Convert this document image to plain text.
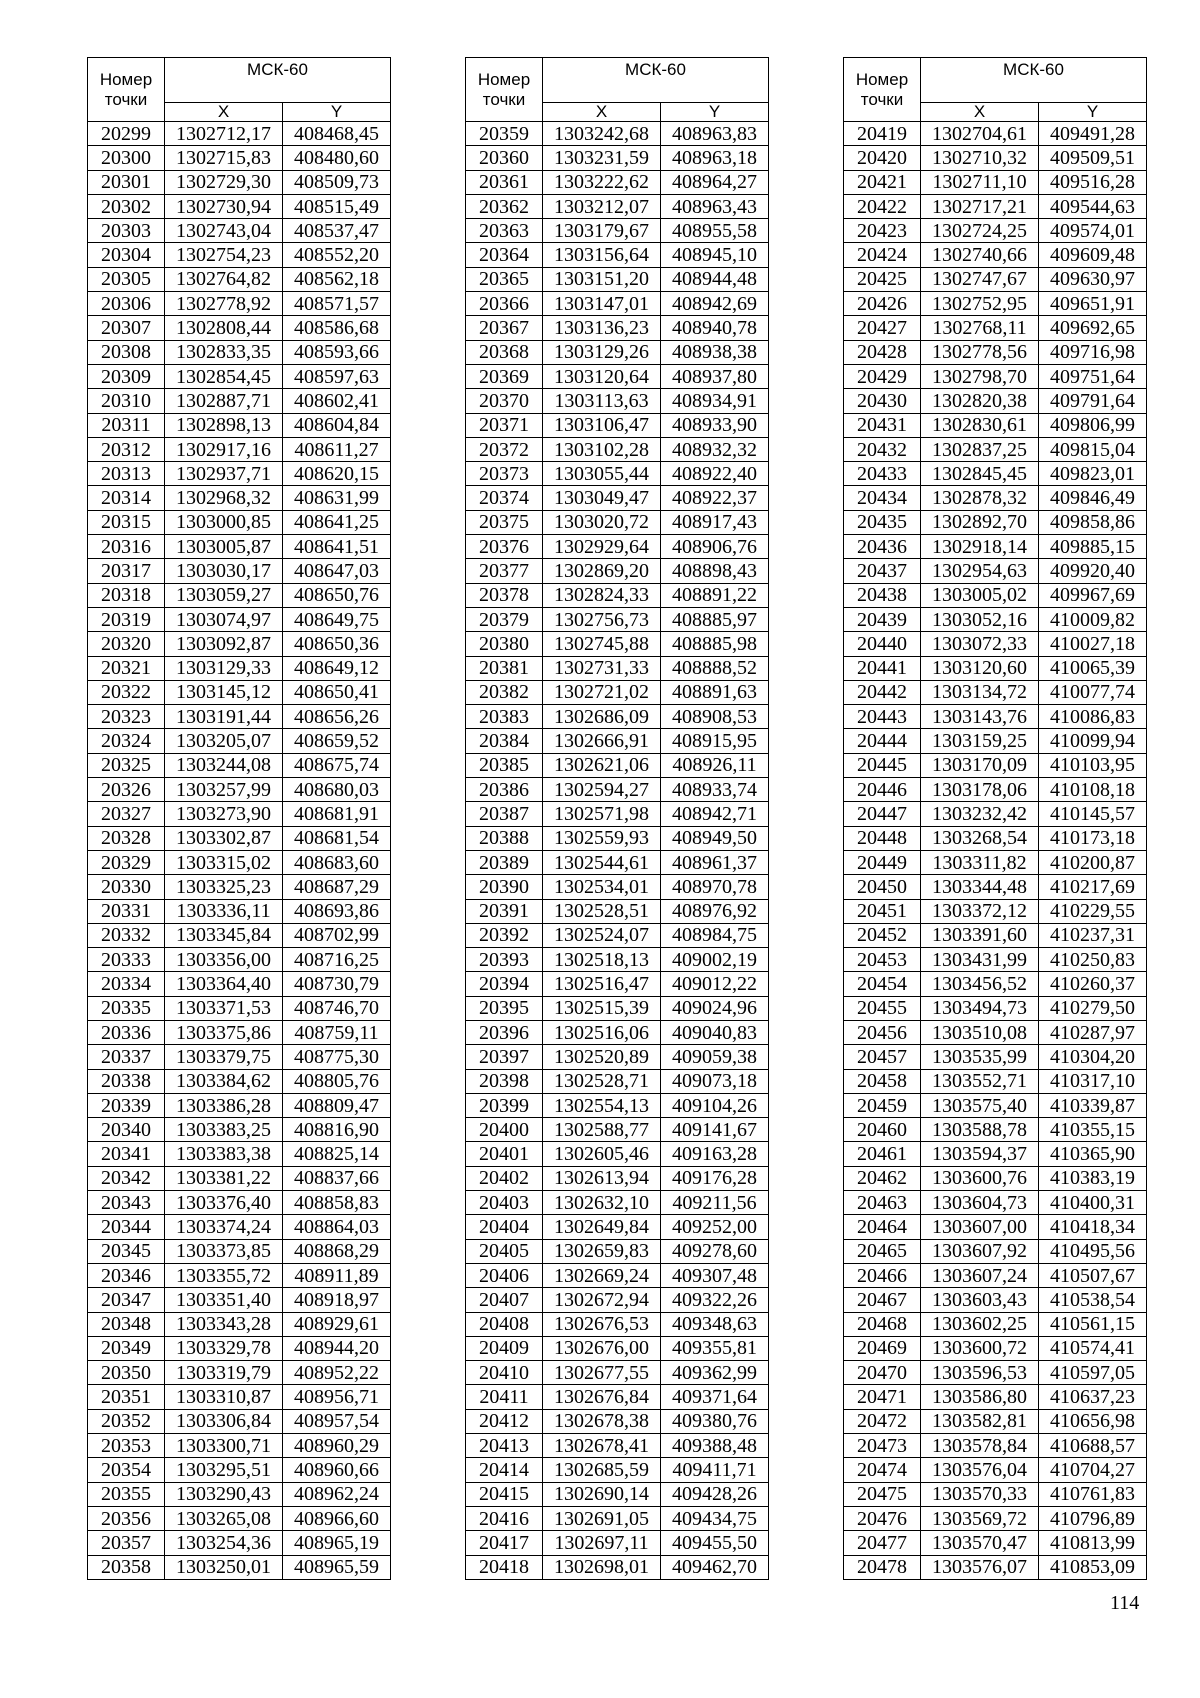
Номер
точки	МСК-60	
	X	Y
20299	1302712,17	408468,45
20300	1302715,83	408480,60
20301	1302729,30	408509,73
20302	1302730,94	408515,49
20303	1302743,04	408537,47
20304	1302754,23	408552,20
20305	1302764,82	408562,18
20306	1302778,92	408571,57
20307	1302808,44	408586,68
20308	1302833,35	408593,66
20309	1302854,45	408597,63
20310	1302887,71	408602,41
20311	1302898,13	408604,84
20312	1302917,16	408611,27
20313	1302937,71	408620,15
20314	1302968,32	408631,99
20315	1303000,85	408641,25
20316	1303005,87	408641,51
20317	1303030,17	408647,03
20318	1303059,27	408650,76
20319	1303074,97	408649,75
20320	1303092,87	408650,36
20321	1303129,33	408649,12
20322	1303145,12	408650,41
20323	1303191,44	408656,26
20324	1303205,07	408659,52
20325	1303244,08	408675,74
20326	1303257,99	408680,03
20327	1303273,90	408681,91
20328	1303302,87	408681,54
20329	1303315,02	408683,60
20330	1303325,23	408687,29
20331	1303336,11	408693,86
20332	1303345,84	408702,99
20333	1303356,00	408716,25
20334	1303364,40	408730,79
20335	1303371,53	408746,70
20336	1303375,86	408759,11
20337	1303379,75	408775,30
20338	1303384,62	408805,76
20339	1303386,28	408809,47
20340	1303383,25	408816,90
20341	1303383,38	408825,14
20342	1303381,22	408837,66
20343	1303376,40	408858,83
20344	1303374,24	408864,03
20345	1303373,85	408868,29
20346	1303355,72	408911,89
20347	1303351,40	408918,97
20348	1303343,28	408929,61
20349	1303329,78	408944,20
20350	1303319,79	408952,22
20351	1303310,87	408956,71
20352	1303306,84	408957,54
20353	1303300,71	408960,29
20354	1303295,51	408960,66
20355	1303290,43	408962,24
20356	1303265,08	408966,60
20357	1303254,36	408965,19
20358	1303250,01	408965,59
Номер
точки	МСК-60	
	X	Y
20359	1303242,68	408963,83
20360	1303231,59	408963,18
20361	1303222,62	408964,27
20362	1303212,07	408963,43
20363	1303179,67	408955,58
20364	1303156,64	408945,10
20365	1303151,20	408944,48
20366	1303147,01	408942,69
20367	1303136,23	408940,78
20368	1303129,26	408938,38
20369	1303120,64	408937,80
20370	1303113,63	408934,91
20371	1303106,47	408933,90
20372	1303102,28	408932,32
20373	1303055,44	408922,40
20374	1303049,47	408922,37
20375	1303020,72	408917,43
20376	1302929,64	408906,76
20377	1302869,20	408898,43
20378	1302824,33	408891,22
20379	1302756,73	408885,97
20380	1302745,88	408885,98
20381	1302731,33	408888,52
20382	1302721,02	408891,63
20383	1302686,09	408908,53
20384	1302666,91	408915,95
20385	1302621,06	408926,11
20386	1302594,27	408933,74
20387	1302571,98	408942,71
20388	1302559,93	408949,50
20389	1302544,61	408961,37
20390	1302534,01	408970,78
20391	1302528,51	408976,92
20392	1302524,07	408984,75
20393	1302518,13	409002,19
20394	1302516,47	409012,22
20395	1302515,39	409024,96
20396	1302516,06	409040,83
20397	1302520,89	409059,38
20398	1302528,71	409073,18
20399	1302554,13	409104,26
20400	1302588,77	409141,67
20401	1302605,46	409163,28
20402	1302613,94	409176,28
20403	1302632,10	409211,56
20404	1302649,84	409252,00
20405	1302659,83	409278,60
20406	1302669,24	409307,48
20407	1302672,94	409322,26
20408	1302676,53	409348,63
20409	1302676,00	409355,81
20410	1302677,55	409362,99
20411	1302676,84	409371,64
20412	1302678,38	409380,76
20413	1302678,41	409388,48
20414	1302685,59	409411,71
20415	1302690,14	409428,26
20416	1302691,05	409434,75
20417	1302697,11	409455,50
20418	1302698,01	409462,70
Номер
точки	МСК-60	
	X	Y
20419	1302704,61	409491,28
20420	1302710,32	409509,51
20421	1302711,10	409516,28
20422	1302717,21	409544,63
20423	1302724,25	409574,01
20424	1302740,66	409609,48
20425	1302747,67	409630,97
20426	1302752,95	409651,91
20427	1302768,11	409692,65
20428	1302778,56	409716,98
20429	1302798,70	409751,64
20430	1302820,38	409791,64
20431	1302830,61	409806,99
20432	1302837,25	409815,04
20433	1302845,45	409823,01
20434	1302878,32	409846,49
20435	1302892,70	409858,86
20436	1302918,14	409885,15
20437	1302954,63	409920,40
20438	1303005,02	409967,69
20439	1303052,16	410009,82
20440	1303072,33	410027,18
20441	1303120,60	410065,39
20442	1303134,72	410077,74
20443	1303143,76	410086,83
20444	1303159,25	410099,94
20445	1303170,09	410103,95
20446	1303178,06	410108,18
20447	1303232,42	410145,57
20448	1303268,54	410173,18
20449	1303311,82	410200,87
20450	1303344,48	410217,69
20451	1303372,12	410229,55
20452	1303391,60	410237,31
20453	1303431,99	410250,83
20454	1303456,52	410260,37
20455	1303494,73	410279,50
20456	1303510,08	410287,97
20457	1303535,99	410304,20
20458	1303552,71	410317,10
20459	1303575,40	410339,87
20460	1303588,78	410355,15
20461	1303594,37	410365,90
20462	1303600,76	410383,19
20463	1303604,73	410400,31
20464	1303607,00	410418,34
20465	1303607,92	410495,56
20466	1303607,24	410507,67
20467	1303603,43	410538,54
20468	1303602,25	410561,15
20469	1303600,72	410574,41
20470	1303596,53	410597,05
20471	1303586,80	410637,23
20472	1303582,81	410656,98
20473	1303578,84	410688,57
20474	1303576,04	410704,27
20475	1303570,33	410761,83
20476	1303569,72	410796,89
20477	1303570,47	410813,99
20478	1303576,07	410853,09
114
